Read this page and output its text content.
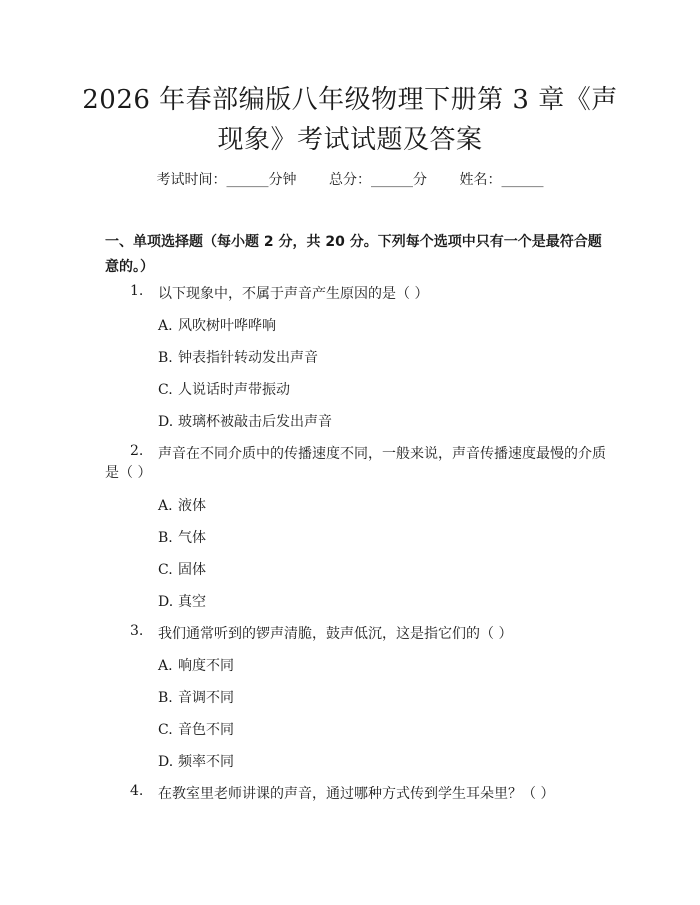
2026 年春部编版八年级物理下册第 3 章《声
现象》考试试题及答案
考试时间：______分钟 总分：______分 姓名：______
一、单项选择题（每小题 2 分，共 20 分。下列每个选项中只有一个是最符合题意的。）
1. 以下现象中，不属于声音产生原因的是（ ）
A. 风吹树叶哗哗响
B. 钟表指针转动发出声音
C. 人说话时声带振动
D. 玻璃杯被敲击后发出声音
2. 声音在不同介质中的传播速度不同，一般来说，声音传播速度最慢的介质
是（ ）
A. 液体
B. 气体
C. 固体
D. 真空
3. 我们通常听到的锣声清脆，鼓声低沉，这是指它们的（ ）
A. 响度不同
B. 音调不同
C. 音色不同
D. 频率不同
4. 在教室里老师讲课的声音，通过哪种方式传到学生耳朵里？（ ）
